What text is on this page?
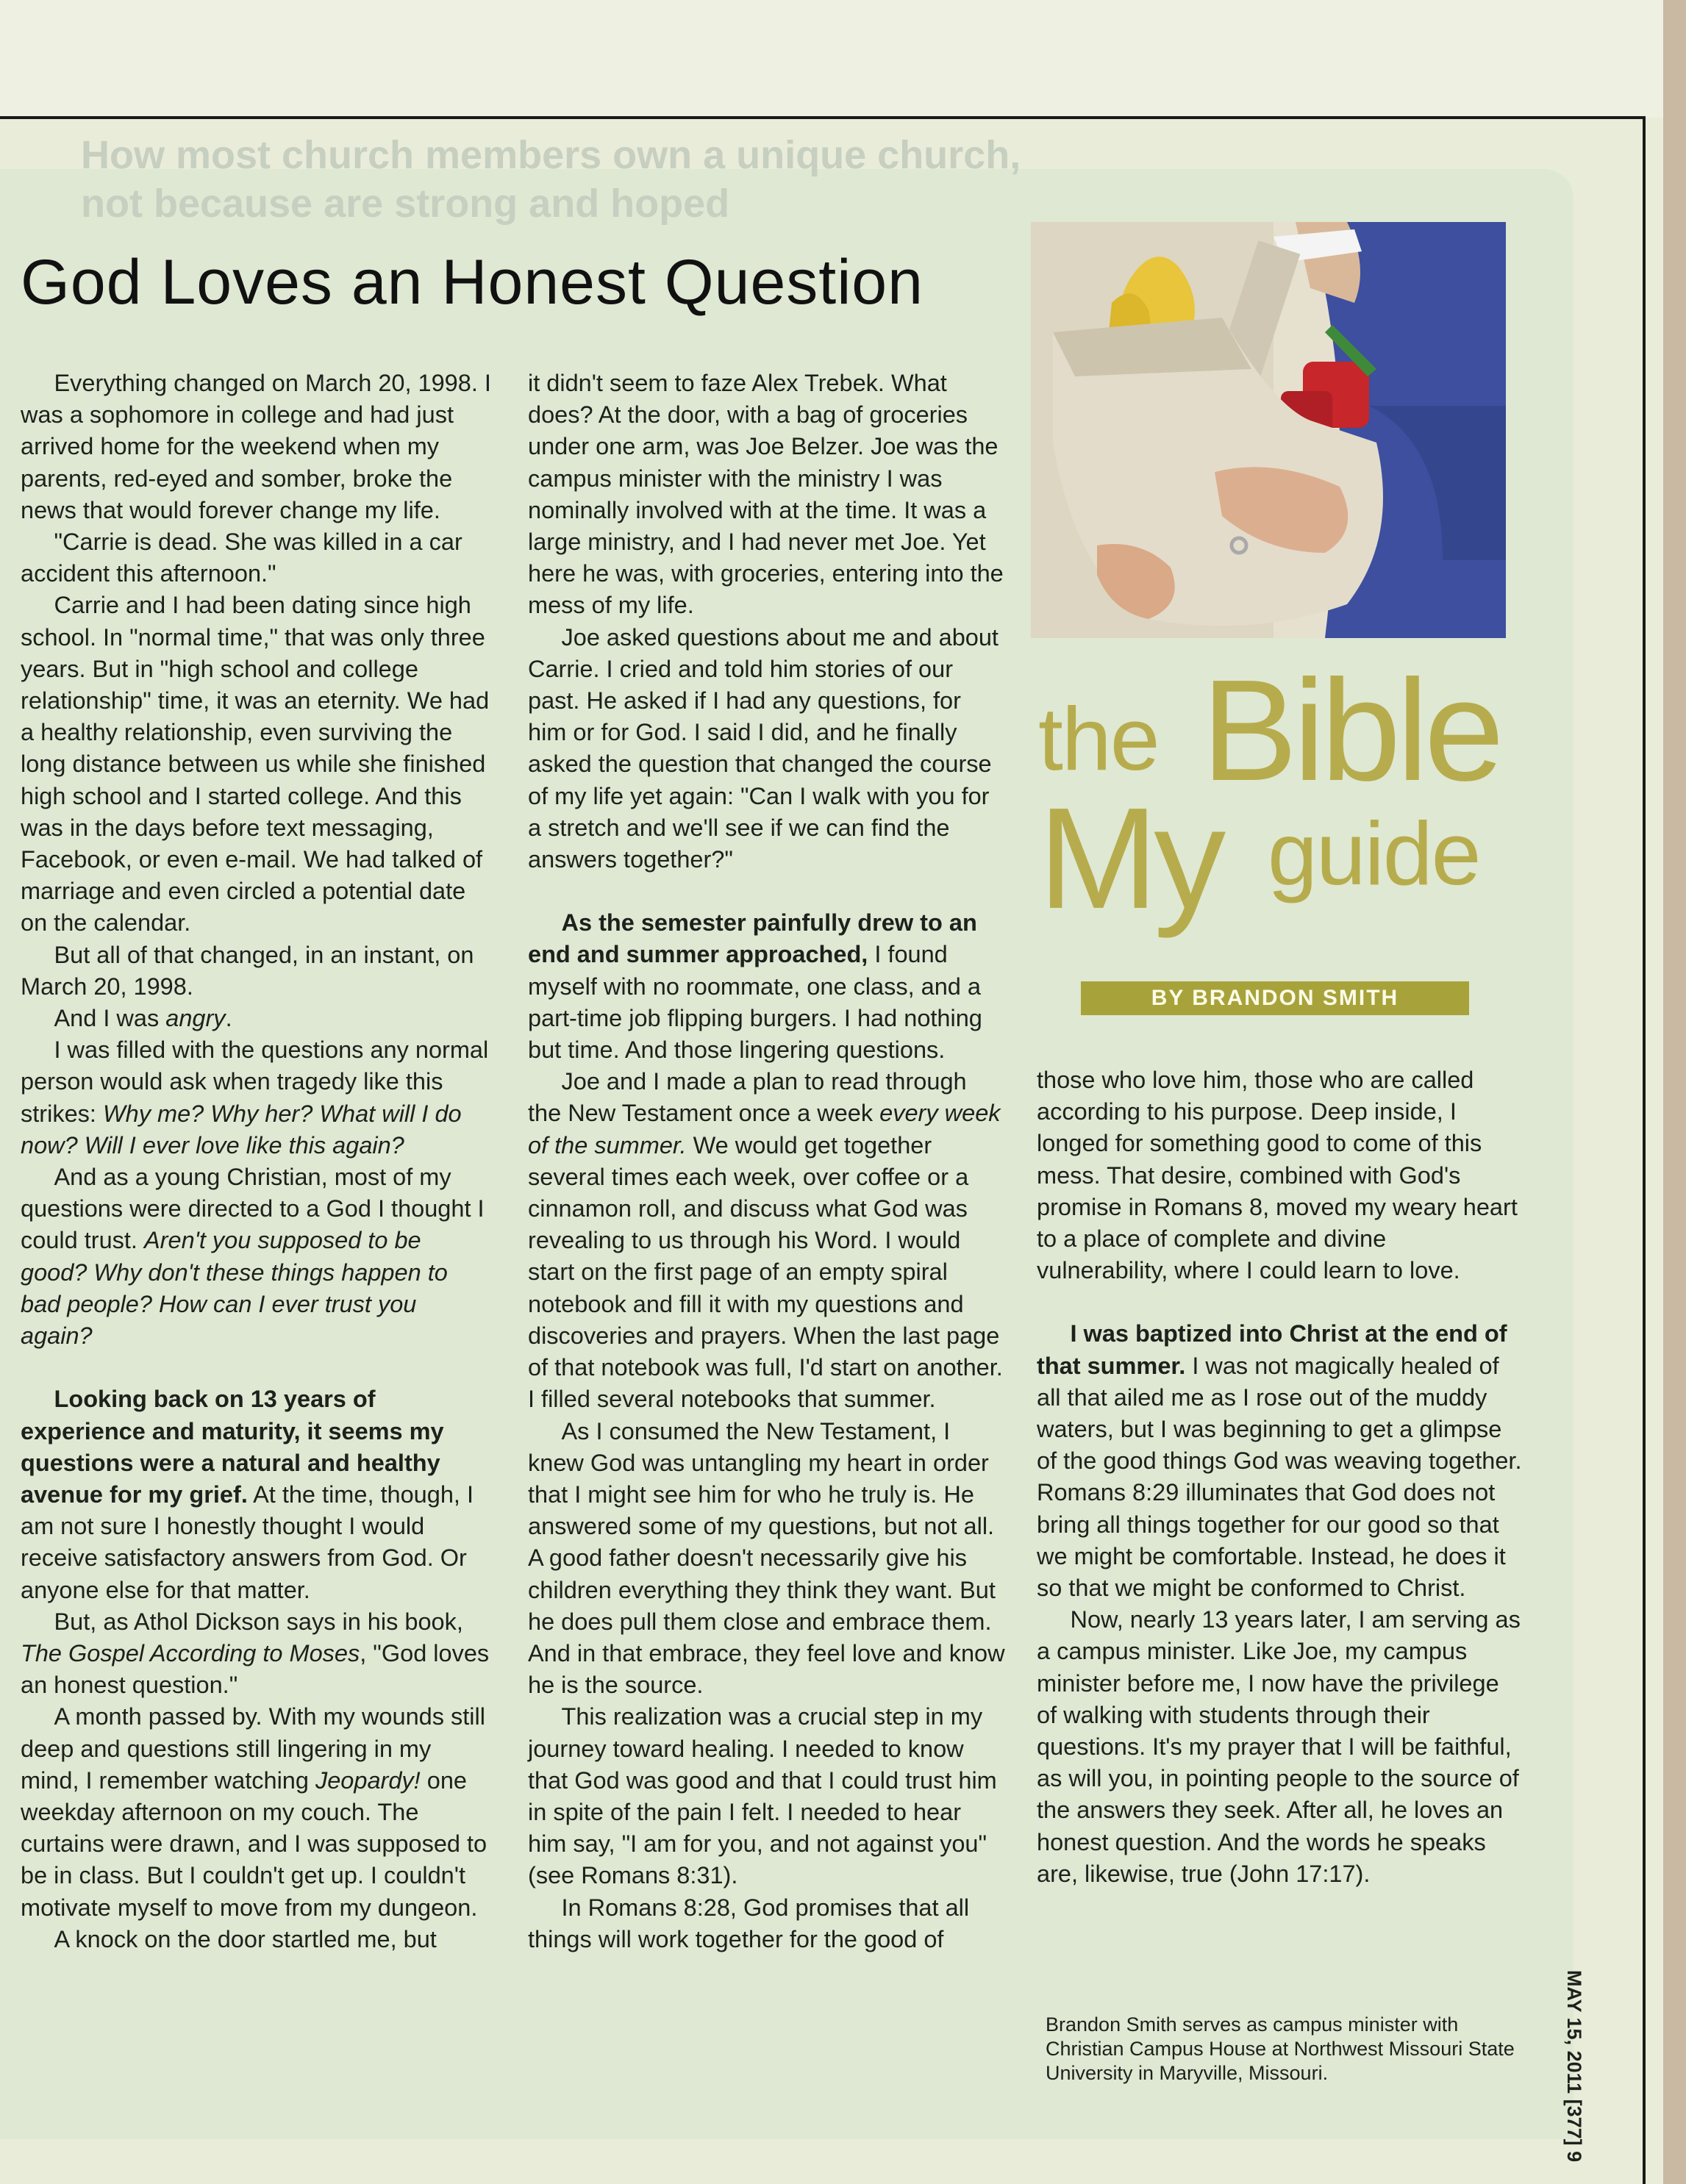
How most church members own a unique church, not because are strong and hoped
God Loves an Honest Question

Everything changed on March 20, 1998. I was a sophomore in college and had just arrived home for the weekend when my parents, red-eyed and somber, broke the news that would forever change my life.

"Carrie is dead. She was killed in a car accident this afternoon."

Carrie and I had been dating since high school. In "normal time," that was only three years. But in "high school and college relationship" time, it was an eternity. We had a healthy relationship, even surviving the long distance between us while she finished high school and I started college. And this was in the days before text messaging, Facebook, or even e-mail. We had talked of marriage and even circled a potential date on the calendar.

But all of that changed, in an instant, on March 20, 1998.

And I was angry.

I was filled with the questions any normal person would ask when tragedy like this strikes: Why me? Why her? What will I do now? Will I ever love like this again?

And as a young Christian, most of my questions were directed to a God I thought I could trust. Aren't you supposed to be good? Why don't these things happen to bad people? How can I ever trust you again?

Looking back on 13 years of experience and maturity, it seems my questions were a natural and healthy avenue for my grief. At the time, though, I am not sure I honestly thought I would receive satisfactory answers from God. Or anyone else for that matter.

But, as Athol Dickson says in his book, The Gospel According to Moses, "God loves an honest question."

A month passed by. With my wounds still deep and questions still lingering in my mind, I remember watching Jeopardy! one weekday afternoon on my couch. The curtains were drawn, and I was supposed to be in class. But I couldn't get up. I couldn't motivate myself to move from my dungeon.

A knock on the door startled me, but

it didn't seem to faze Alex Trebek. What does? At the door, with a bag of groceries under one arm, was Joe Belzer. Joe was the campus minister with the ministry I was nominally involved with at the time. It was a large ministry, and I had never met Joe. Yet here he was, with groceries, entering into the mess of my life.

Joe asked questions about me and about Carrie. I cried and told him stories of our past. He asked if I had any questions, for him or for God. I said I did, and he finally asked the question that changed the course of my life yet again: "Can I walk with you for a stretch and we'll see if we can find the answers together?"

As the semester painfully drew to an end and summer approached, I found myself with no roommate, one class, and a part-time job flipping burgers. I had nothing but time. And those lingering questions.

Joe and I made a plan to read through the New Testament once a week every week of the summer. We would get together several times each week, over coffee or a cinnamon roll, and discuss what God was revealing to us through his Word. I would start on the first page of an empty spiral notebook and fill it with my questions and discoveries and prayers. When the last page of that notebook was full, I'd start on another. I filled several notebooks that summer.

As I consumed the New Testament, I knew God was untangling my heart in order that I might see him for who he truly is. He answered some of my questions, but not all. A good father doesn't necessarily give his children everything they think they want. But he does pull them close and embrace them. And in that embrace, they feel love and know he is the source.

This realization was a crucial step in my journey toward healing. I needed to know that God was good and that I could trust him in spite of the pain I felt. I needed to hear him say, "I am for you, and not against you" (see Romans 8:31).

In Romans 8:28, God promises that all things will work together for the good of

the Bible
My guide
BY BRANDON SMITH

those who love him, those who are called according to his purpose. Deep inside, I longed for something good to come of this mess. That desire, combined with God's promise in Romans 8, moved my weary heart to a place of complete and divine vulnerability, where I could learn to love.

I was baptized into Christ at the end of that summer. I was not magically healed of all that ailed me as I rose out of the muddy waters, but I was beginning to get a glimpse of the good things God was weaving together. Romans 8:29 illuminates that God does not bring all things together for our good so that we might be comfortable. Instead, he does it so that we might be conformed to Christ.

Now, nearly 13 years later, I am serving as a campus minister. Like Joe, my campus minister before me, I now have the privilege of walking with students through their questions. It's my prayer that I will be faithful, as will you, in pointing people to the source of the answers they seek. After all, he loves an honest question. And the words he speaks are, likewise, true (John 17:17).

Brandon Smith serves as campus minister with Christian Campus House at Northwest Missouri State University in Maryville, Missouri.	MAY 15, 2011 [377] 9
